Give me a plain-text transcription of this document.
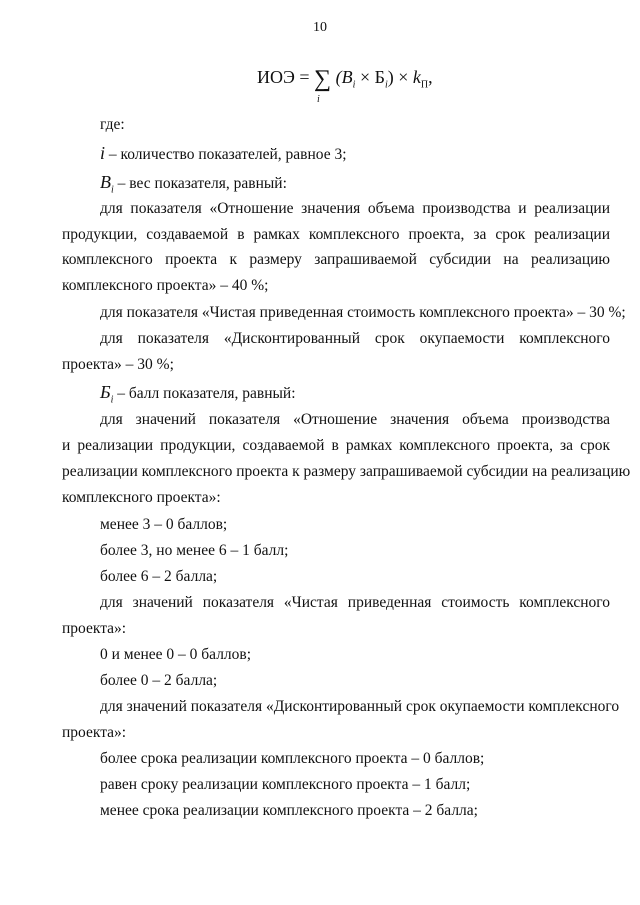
10
ИОЭ = ∑
i
$(B_i \times Б_i) \times k_П$,
где:
i – количество показателей, равное 3;
$B_i$ – вес показателя, равный:
для показателя «Отношение значения объема производства и реализации
продукции, создаваемой в рамках комплексного проекта, за срок реализации
комплексного проекта к размеру запрашиваемой субсидии на реализацию
комплексного проекта» – 40 %;
для показателя «Чистая приведенная стоимость комплексного проекта» – 30 %;
для показателя «Дисконтированный срок окупаемости комплексного
проекта» – 30 %;
$Б_i$ – балл показателя, равный:
для значений показателя «Отношение значения объема производства
и реализации продукции, создаваемой в рамках комплексного проекта, за срок
реализации комплексного проекта к размеру запрашиваемой субсидии на реализацию
комплексного проекта»:
менее 3 – 0 баллов;
более 3, но менее 6 – 1 балл;
более 6 – 2 балла;
для значений показателя «Чистая приведенная стоимость комплексного
проекта»:
0 и менее 0 – 0 баллов;
более 0 – 2 балла;
для значений показателя «Дисконтированный срок окупаемости комплексного
проекта»:
более срока реализации комплексного проекта – 0 баллов;
равен сроку реализации комплексного проекта – 1 балл;
менее срока реализации комплексного проекта – 2 балла;
